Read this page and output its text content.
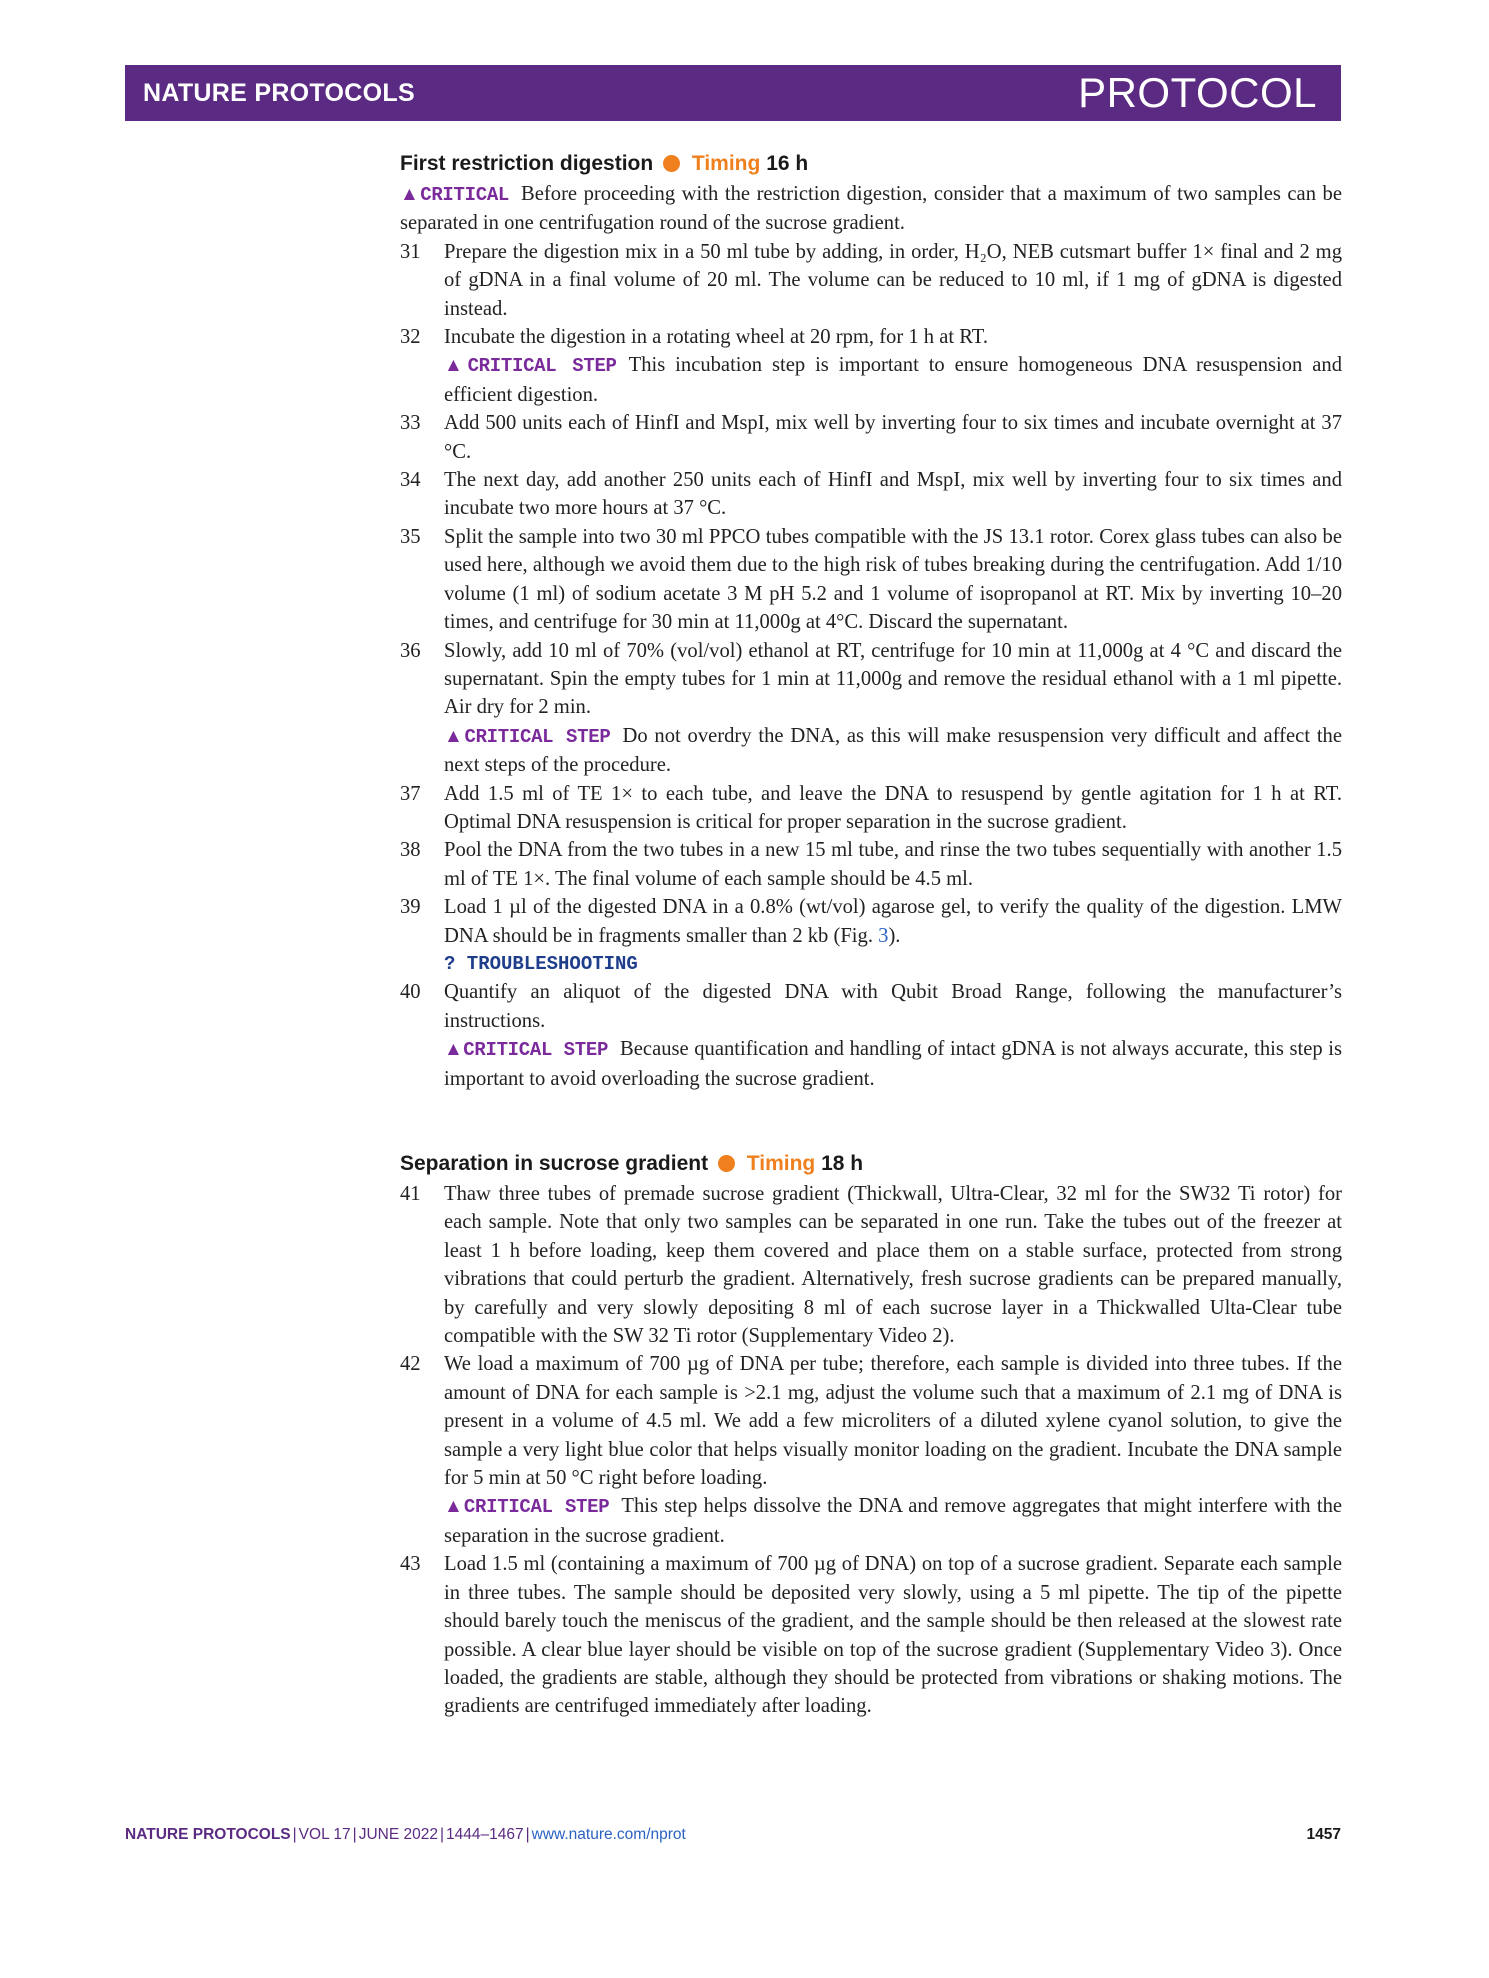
NATURE PROTOCOLS	PROTOCOL
First restriction digestion Timing 16 h
▲CRITICAL Before proceeding with the restriction digestion, consider that a maximum of two samples can be separated in one centrifugation round of the sucrose gradient.
31 Prepare the digestion mix in a 50 ml tube by adding, in order, H₂O, NEB cutsmart buffer 1× final and 2 mg of gDNA in a final volume of 20 ml. The volume can be reduced to 10 ml, if 1 mg of gDNA is digested instead.
32 Incubate the digestion in a rotating wheel at 20 rpm, for 1 h at RT.
▲CRITICAL STEP This incubation step is important to ensure homogeneous DNA resuspension and efficient digestion.
33 Add 500 units each of HinfI and MspI, mix well by inverting four to six times and incubate overnight at 37 °C.
34 The next day, add another 250 units each of HinfI and MspI, mix well by inverting four to six times and incubate two more hours at 37 °C.
35 Split the sample into two 30 ml PPCO tubes compatible with the JS 13.1 rotor. Corex glass tubes can also be used here, although we avoid them due to the high risk of tubes breaking during the centrifugation. Add 1/10 volume (1 ml) of sodium acetate 3 M pH 5.2 and 1 volume of isopropanol at RT. Mix by inverting 10–20 times, and centrifuge for 30 min at 11,000g at 4°C. Discard the supernatant.
36 Slowly, add 10 ml of 70% (vol/vol) ethanol at RT, centrifuge for 10 min at 11,000g at 4 °C and discard the supernatant. Spin the empty tubes for 1 min at 11,000g and remove the residual ethanol with a 1 ml pipette. Air dry for 2 min.
▲CRITICAL STEP Do not overdry the DNA, as this will make resuspension very difficult and affect the next steps of the procedure.
37 Add 1.5 ml of TE 1× to each tube, and leave the DNA to resuspend by gentle agitation for 1 h at RT. Optimal DNA resuspension is critical for proper separation in the sucrose gradient.
38 Pool the DNA from the two tubes in a new 15 ml tube, and rinse the two tubes sequentially with another 1.5 ml of TE 1×. The final volume of each sample should be 4.5 ml.
39 Load 1 µl of the digested DNA in a 0.8% (wt/vol) agarose gel, to verify the quality of the digestion. LMW DNA should be in fragments smaller than 2 kb (Fig. 3).
? TROUBLESHOOTING
40 Quantify an aliquot of the digested DNA with Qubit Broad Range, following the manufacturer’s instructions.
▲CRITICAL STEP Because quantification and handling of intact gDNA is not always accurate, this step is important to avoid overloading the sucrose gradient.
Separation in sucrose gradient Timing 18 h
41 Thaw three tubes of premade sucrose gradient (Thickwall, Ultra-Clear, 32 ml for the SW32 Ti rotor) for each sample. Note that only two samples can be separated in one run. Take the tubes out of the freezer at least 1 h before loading, keep them covered and place them on a stable surface, protected from strong vibrations that could perturb the gradient. Alternatively, fresh sucrose gradients can be prepared manually, by carefully and very slowly depositing 8 ml of each sucrose layer in a Thickwalled Ulta-Clear tube compatible with the SW 32 Ti rotor (Supplementary Video 2).
42 We load a maximum of 700 µg of DNA per tube; therefore, each sample is divided into three tubes. If the amount of DNA for each sample is >2.1 mg, adjust the volume such that a maximum of 2.1 mg of DNA is present in a volume of 4.5 ml. We add a few microliters of a diluted xylene cyanol solution, to give the sample a very light blue color that helps visually monitor loading on the gradient. Incubate the DNA sample for 5 min at 50 °C right before loading.
▲CRITICAL STEP This step helps dissolve the DNA and remove aggregates that might interfere with the separation in the sucrose gradient.
43 Load 1.5 ml (containing a maximum of 700 µg of DNA) on top of a sucrose gradient. Separate each sample in three tubes. The sample should be deposited very slowly, using a 5 ml pipette. The tip of the pipette should barely touch the meniscus of the gradient, and the sample should be then released at the slowest rate possible. A clear blue layer should be visible on top of the sucrose gradient (Supplementary Video 3). Once loaded, the gradients are stable, although they should be protected from vibrations or shaking motions. The gradients are centrifuged immediately after loading.
NATURE PROTOCOLS | VOL 17 | JUNE 2022 | 1444–1467 | www.nature.com/nprot	1457
